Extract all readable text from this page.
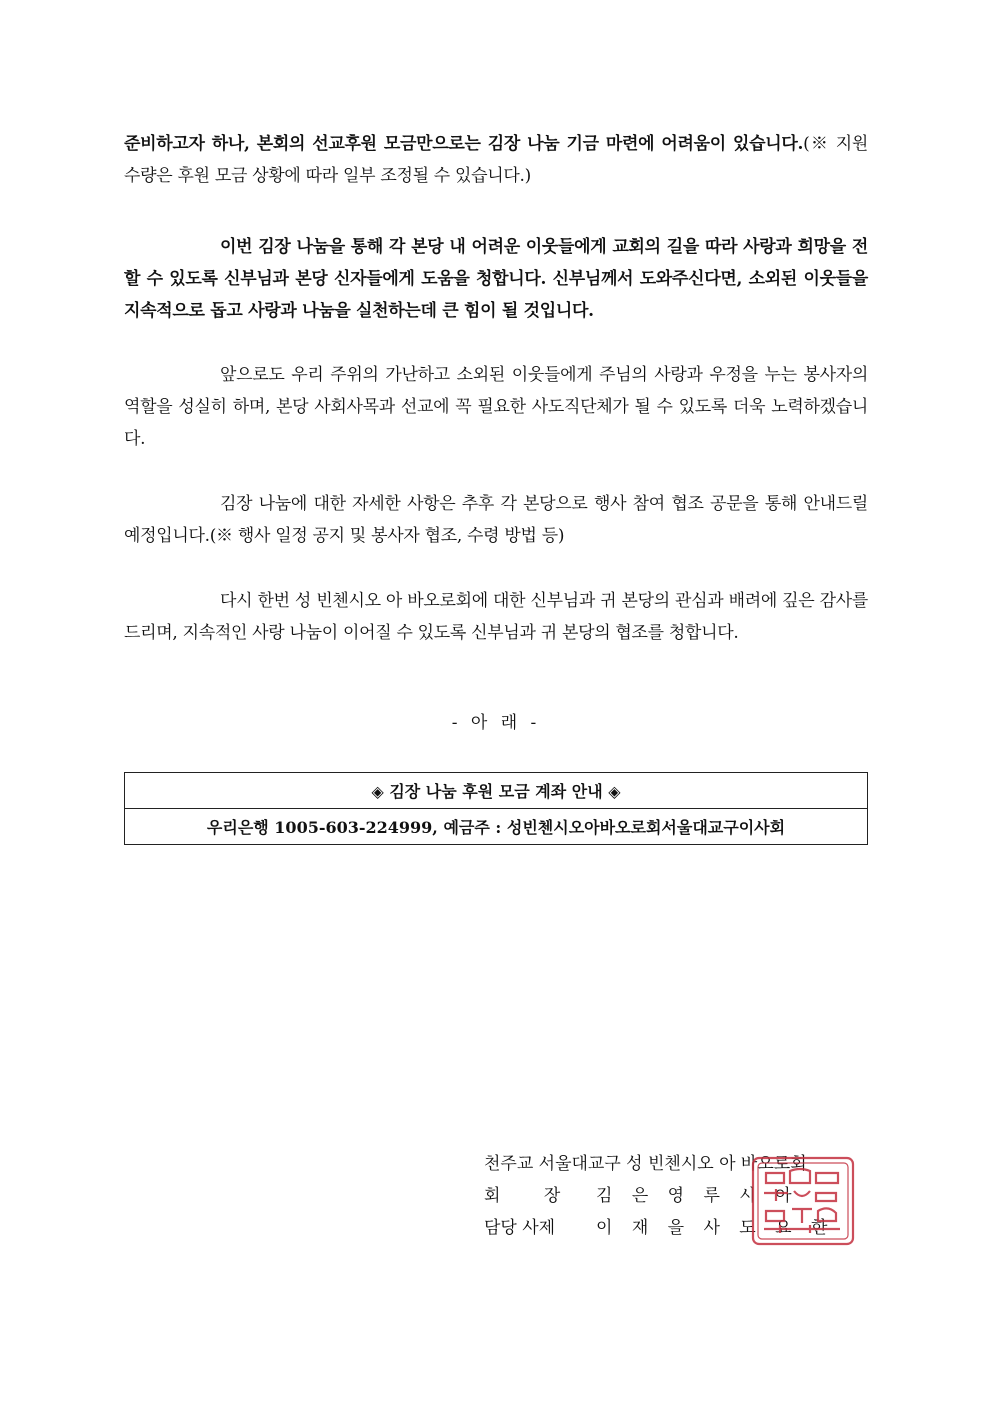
준비하고자 하나, 본회의 선교후원 모금만으로는 김장 나눔 기금 마련에 어려움이 있습니다.(※ 지원 수량은 후원 모금 상황에 따라 일부 조정될 수 있습니다.)

이번 김장 나눔을 통해 각 본당 내 어려운 이웃들에게 교회의 길을 따라 사랑과 희망을 전할 수 있도록 신부님과 본당 신자들에게 도움을 청합니다. 신부님께서 도와주신다면, 소외된 이웃들을 지속적으로 돕고 사랑과 나눔을 실천하는데 큰 힘이 될 것입니다.

앞으로도 우리 주위의 가난하고 소외된 이웃들에게 주님의 사랑과 우정을 누는 봉사자의 역할을 성실히 하며, 본당 사회사목과 선교에 꼭 필요한 사도직단체가 될 수 있도록 더욱 노력하겠습니다.

김장 나눔에 대한 자세한 사항은 추후 각 본당으로 행사 참여 협조 공문을 통해 안내드릴 예정입니다.(※ 행사 일정 공지 및 봉사자 협조, 수령 방법 등)

다시 한번 성 빈첸시오 아 바오로회에 대한 신부님과 귀 본당의 관심과 배려에 깊은 감사를 드리며, 지속적인 사랑 나눔이 이어질 수 있도록 신부님과 귀 본당의 협조를 청합니다.

- 아 래 -
◈ 김장 나눔 후원 모금 계좌 안내 ◈
우리은행 1005-603-224999, 예금주 : 성빈첸시오아바오로회서울대교구이사회
천주교 서울대교구 성 빈첸시오 아 바오로회
회 장	김 은 영 루 시 아
담당 사제	이 재 을 사 도 요 한
